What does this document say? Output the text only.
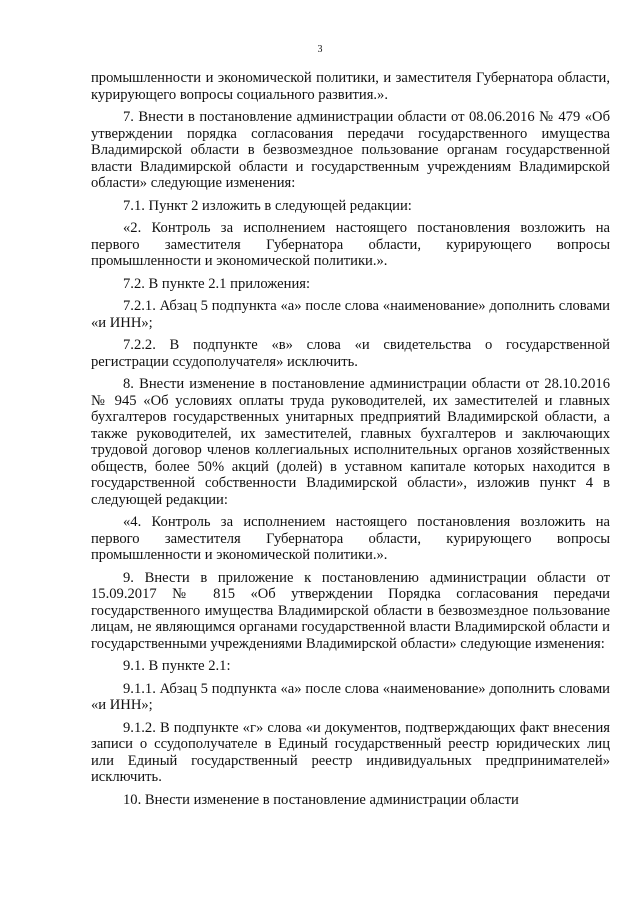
3

промышленности и экономической политики, и заместителя Губернатора области, курирующего вопросы социального развития.».

7. Внести в постановление администрации области от 08.06.2016 № 479 «Об утверждении порядка согласования передачи государственного имущества Владимирской области в безвозмездное пользование органам государственной власти Владимирской области и государственным учреждениям Владимирской области» следующие изменения:

7.1. Пункт 2 изложить в следующей редакции:

«2. Контроль за исполнением настоящего постановления возложить на первого заместителя Губернатора области, курирующего вопросы промышленности и экономической политики.».

7.2. В пункте 2.1 приложения:

7.2.1. Абзац 5 подпункта «а» после слова «наименование» дополнить словами «и ИНН»;

7.2.2. В подпункте «в» слова «и свидетельства о государственной регистрации ссудополучателя» исключить.

8. Внести изменение в постановление администрации области от 28.10.2016 № 945 «Об условиях оплаты труда руководителей, их заместителей и главных бухгалтеров государственных унитарных предприятий Владимирской области, а также руководителей, их заместителей, главных бухгалтеров и заключающих трудовой договор членов коллегиальных исполнительных органов хозяйственных обществ, более 50% акций (долей) в уставном капитале которых находится в государственной собственности Владимирской области», изложив пункт 4 в следующей редакции:

«4. Контроль за исполнением настоящего постановления возложить на первого заместителя Губернатора области, курирующего вопросы промышленности и экономической политики.».

9. Внести в приложение к постановлению администрации области от 15.09.2017 № 815 «Об утверждении Порядка согласования передачи государственного имущества Владимирской области в безвозмездное пользование лицам, не являющимся органами государственной власти Владимирской области и государственными учреждениями Владимирской области» следующие изменения:

9.1. В пункте 2.1:

9.1.1. Абзац 5 подпункта «а» после слова «наименование» дополнить словами «и ИНН»;

9.1.2. В подпункте «г» слова «и документов, подтверждающих факт внесения записи о ссудополучателе в Единый государственный реестр юридических лиц или Единый государственный реестр индивидуальных предпринимателей» исключить.

10. Внести изменение в постановление администрации области
